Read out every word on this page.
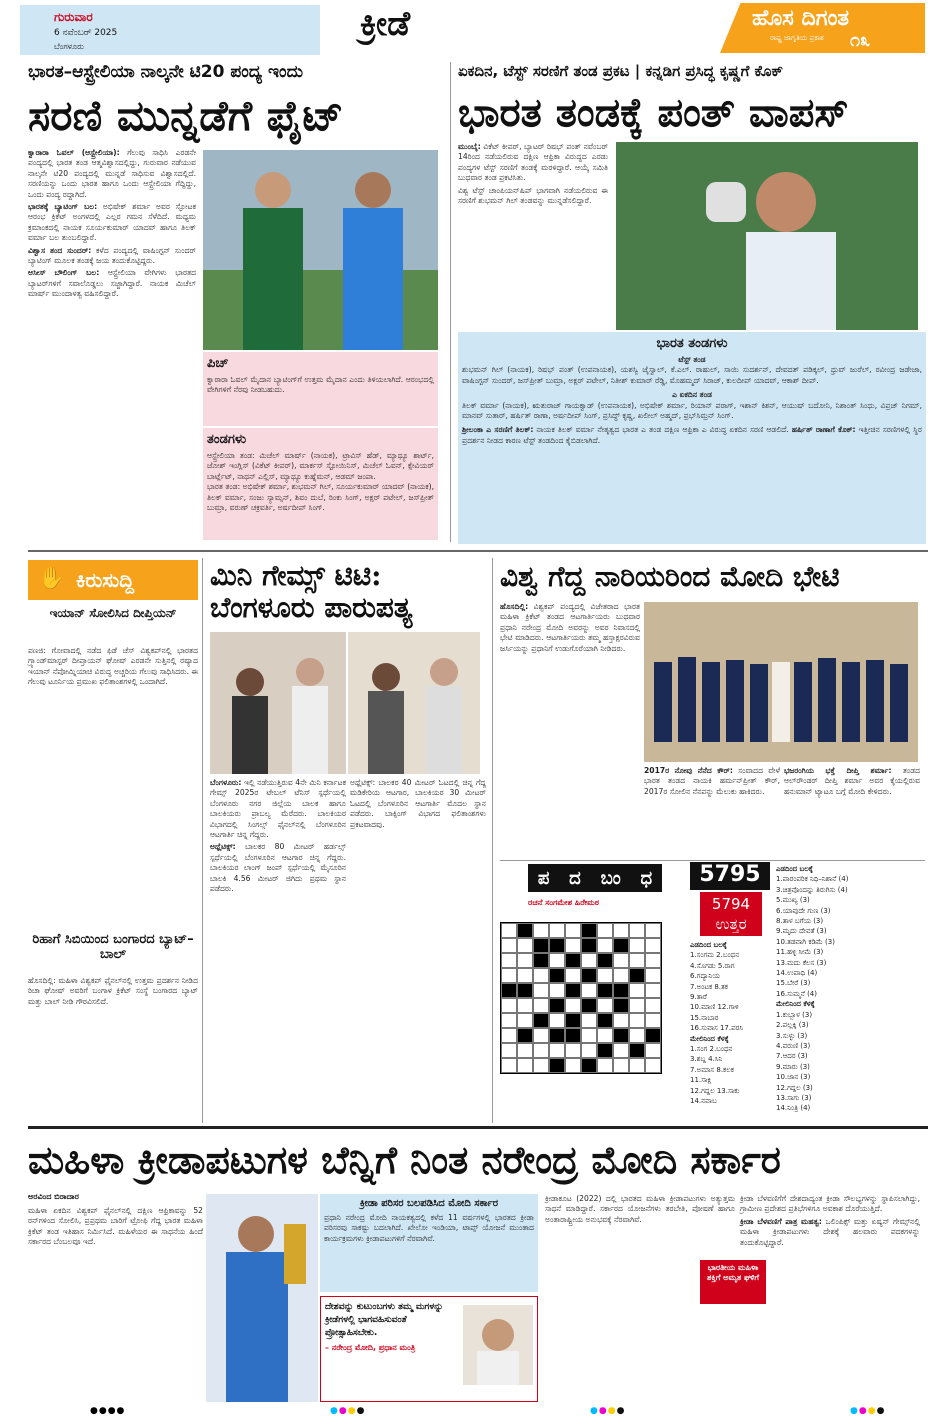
ಗುರುವಾರ
6 ನವೆಂಬರ್ 2025
ಬೆಂಗಳೂರು
ಕ್ರೀಡೆ	ಹೊಸ ದಿಗಂತ
ರಾಷ್ಟ್ರ ಜಾಗೃತಿಯ ಪ್ರಕಾಶ ೧೩
ಭಾರತ–ಆಸ್ಟ್ರೇಲಿಯಾ ನಾಲ್ಕನೇ ಟಿ20 ಪಂದ್ಯ ಇಂದು
ಸರಣಿ ಮುನ್ನಡೆಗೆ ಫೈಟ್

ಕ್ವಾರಾರಾ ಓವಲ್ (ಆಸ್ಟ್ರೇಲಿಯಾ): ಗೆಲುವು ಸಾಧಿಸಿ ಎರಡನೇ ಪಂದ್ಯದಲ್ಲಿ ಭಾರತ ತಂಡ ಆತ್ಮವಿಶ್ವಾಸದಲ್ಲಿದ್ದು, ಗುರುವಾರ ನಡೆಯುವ ನಾಲ್ಕನೇ ಟಿ20 ಪಂದ್ಯದಲ್ಲಿ ಮುನ್ನಡೆ ಸಾಧಿಸುವ ವಿಶ್ವಾಸದಲ್ಲಿದೆ. ಸರಣಿಯನ್ನು ಒಂದು ಭಾರತ ಹಾಗೂ ಒಂದು ಆಸ್ಟ್ರೇಲಿಯಾ ಗೆದ್ದಿದ್ದು, ಒಂದು ಪಂದ್ಯ ರದ್ದಾಗಿದೆ.

ಭಾರತಕ್ಕೆ ಬ್ಯಾಟಿಂಗ್ ಬಲ: ಅಭಿಷೇಕ್ ಶರ್ಮಾ ಅವರ ಸ್ಫೋಟಕ ಆರಂಭ ಕ್ರಿಕೆಟ್ ಅಂಗಳದಲ್ಲಿ ಎಲ್ಲರ ಗಮನ ಸೆಳೆದಿದೆ. ಮಧ್ಯಮ ಕ್ರಮಾಂಕದಲ್ಲಿ ನಾಯಕ ಸೂರ್ಯಕುಮಾರ್ ಯಾದವ್ ಹಾಗೂ ತಿಲಕ್ ವರ್ಮಾ ಬಲ ತುಂಬಲಿದ್ದಾರೆ.

ವಿಶ್ವಾಸ ತಂದ ಸುಂದರ್: ಕಳೆದ ಪಂದ್ಯದಲ್ಲಿ ವಾಷಿಂಗ್ಟನ್ ಸುಂದರ್ ಬ್ಯಾಟಿಂಗ್ ಮೂಲಕ ತಂಡಕ್ಕೆ ಜಯ ತಂದುಕೊಟ್ಟಿದ್ದರು.

ಆಸೀಸ್ ಬೌಲಿಂಗ್ ಬಲ: ಆಸ್ಟ್ರೇಲಿಯಾ ವೇಗಿಗಳು ಭಾರತದ ಬ್ಯಾಟರ್‌ಗಳಿಗೆ ಸವಾಲೊಡ್ಡಲು ಸಜ್ಜಾಗಿದ್ದಾರೆ. ನಾಯಕ ಮಿಚೆಲ್ ಮಾರ್ಷ್ ಮುಂದಾಳತ್ವ ವಹಿಸಲಿದ್ದಾರೆ.

ಪಿಚ್
ಕ್ವಾರಾರಾ ಓವಲ್ ಮೈದಾನ ಬ್ಯಾಟಿಂಗ್‌ಗೆ ಉತ್ತಮ ಮೈದಾನ ಎಂದು ತಿಳಿಯಲಾಗಿದೆ. ಆರಂಭದಲ್ಲಿ ವೇಗಿಗಳಿಗೆ ನೆರವು ನೀಡಬಹುದು.
ತಂಡಗಳು
ಆಸ್ಟ್ರೇಲಿಯಾ ತಂಡ: ಮಿಚೆಲ್ ಮಾರ್ಷ್ (ನಾಯಕ), ಟ್ರಾವಿಸ್ ಹೆಡ್, ಮ್ಯಾಥ್ಯೂ ಶಾರ್ಟ್, ಜೋಶ್ ಇಂಗ್ಲಿಸ್ (ವಿಕೆಟ್ ಕೀಪರ್), ಮಾರ್ಕಸ್ ಸ್ಟೋಯಿನಿಸ್, ಮಿಚೆಲ್ ಓವನ್, ಕ್ಸೇವಿಯರ್ ಬಾರ್ಟ್ಲೆಟ್, ನಾಥನ್ ಎಲ್ಲಿಸ್, ಮ್ಯಾಥ್ಯೂ ಕುಹ್ನೆಮನ್, ಆಡಮ್ ಜಂಪಾ.
ಭಾರತ ತಂಡ: ಅಭಿಷೇಕ್ ಶರ್ಮಾ, ಶುಭಮನ್ ಗಿಲ್, ಸೂರ್ಯಕುಮಾರ್ ಯಾದವ್ (ನಾಯಕ), ತಿಲಕ್ ವರ್ಮಾ, ಸಂಜು ಸ್ಯಾಮ್ಸನ್, ಶಿವಂ ದುಬೆ, ರಿಂಕು ಸಿಂಗ್, ಅಕ್ಷರ್ ಪಟೇಲ್, ಜಸ್‌ಪ್ರೀತ್ ಬುಮ್ರಾ, ವರುಣ್ ಚಕ್ರವರ್ತಿ, ಅರ್ಷದೀಪ್ ಸಿಂಗ್.
ಏಕದಿನ, ಟೆಸ್ಟ್ ಸರಣಿಗೆ ತಂಡ ಪ್ರಕಟ | ಕನ್ನಡಿಗ ಪ್ರಸಿದ್ಧ ಕೃಷ್ಣಗೆ ಕೊಕ್
ಭಾರತ ತಂಡಕ್ಕೆ ಪಂತ್ ವಾಪಸ್

ಮುಂಬೈ: ವಿಕೆಟ್ ಕೀಪರ್, ಬ್ಯಾಟರ್ ರಿಷಭ್ ಪಂತ್ ನವೆಂಬರ್ 14ರಿಂದ ನಡೆಯಲಿರುವ ದಕ್ಷಿಣ ಆಫ್ರಿಕಾ ವಿರುದ್ಧದ ಎರಡು ಪಂದ್ಯಗಳ ಟೆಸ್ಟ್ ಸರಣಿಗೆ ತಂಡಕ್ಕೆ ಮರಳಿದ್ದಾರೆ. ಆಯ್ಕೆ ಸಮಿತಿ ಬುಧವಾರ ತಂಡ ಪ್ರಕಟಿಸಿತು.

ವಿಶ್ವ ಟೆಸ್ಟ್ ಚಾಂಪಿಯನ್‌ಷಿಪ್ ಭಾಗವಾಗಿ ನಡೆಯಲಿರುವ ಈ ಸರಣಿಗೆ ಶುಭಮನ್ ಗಿಲ್ ತಂಡವನ್ನು ಮುನ್ನಡೆಸಲಿದ್ದಾರೆ.

ಭಾರತ ತಂಡಗಳು
ಟೆಸ್ಟ್ ತಂಡ
ಶುಭಮನ್ ಗಿಲ್ (ನಾಯಕ), ರಿಷಭ್ ಪಂತ್ (ಉಪನಾಯಕ), ಯಶಸ್ವಿ ಜೈಸ್ವಾಲ್, ಕೆ.ಎಲ್. ರಾಹುಲ್, ಸಾಯಿ ಸುದರ್ಶನ್, ದೇವದತ್ ಪಡಿಕ್ಕಲ್, ಧ್ರುವ್ ಜುರೆಲ್, ರವೀಂದ್ರ ಜಡೇಜಾ, ವಾಷಿಂಗ್ಟನ್ ಸುಂದರ್, ಜಸ್‌ಪ್ರೀತ್ ಬುಮ್ರಾ, ಅಕ್ಷರ್ ಪಟೇಲ್, ನಿತೀಶ್ ಕುಮಾರ್ ರೆಡ್ಡಿ, ಮೊಹಮ್ಮದ್ ಸಿರಾಜ್, ಕುಲದೀಪ್ ಯಾದವ್, ಆಕಾಶ್ ದೀಪ್.
ಎ ಏಕದಿನ ತಂಡ
ತಿಲಕ್ ವರ್ಮಾ (ನಾಯಕ), ಋತುರಾಜ್ ಗಾಯಕ್ವಾಡ್ (ಉಪನಾಯಕ), ಅಭಿಷೇಕ್ ಶರ್ಮಾ, ರಿಯಾನ್ ಪರಾಗ್, ಇಶಾನ್ ಕಿಶನ್, ಆಯುಷ್ ಬದೋನಿ, ನಿಶಾಂತ್ ಸಿಂಧು, ವಿಪ್ರಜ್ ನಿಗಮ್, ಮಾನವ್ ಸುತಾರ್, ಹರ್ಷಿತ್ ರಾಣಾ, ಅರ್ಷದೀಪ್ ಸಿಂಗ್, ಪ್ರಸಿದ್ಧ್ ಕೃಷ್ಣ, ಖಲೀಲ್ ಅಹ್ಮದ್, ಪ್ರಭ್‌ಸಿಮ್ರನ್ ಸಿಂಗ್.
ಶ್ರೀಲಂಕಾ ಎ ಸರಣಿಗೆ ತಿಲಕ್: ನಾಯಕ ತಿಲಕ್ ವರ್ಮಾ ನೇತೃತ್ವದ ಭಾರತ ಎ ತಂಡ ದಕ್ಷಿಣ ಆಫ್ರಿಕಾ ಎ ವಿರುದ್ಧ ಏಕದಿನ ಸರಣಿ ಆಡಲಿದೆ. ಹರ್ಷಿತ್ ರಾಣಾಗೆ ಕೊಕ್: ಇತ್ತೀಚಿನ ಸರಣಿಗಳಲ್ಲಿ ಸ್ಥಿರ ಪ್ರದರ್ಶನ ನೀಡದ ಕಾರಣ ಟೆಸ್ಟ್ ತಂಡದಿಂದ ಕೈಬಿಡಲಾಗಿದೆ.
ಕಿರುಸುದ್ದಿ
✋
ಇಯಾನ್ ಸೋಲಿಸಿದ ದೀಪ್ತಿಯನ್
ಪಣಜಿ: ಗೋವಾದಲ್ಲಿ ನಡೆದ ಫಿಡೆ ಚೆಸ್ ವಿಶ್ವಕಪ್‌ನಲ್ಲಿ ಭಾರತದ ಗ್ರ್ಯಾಂಡ್‌ಮಾಸ್ಟರ್ ದೀಪ್ತಾಯನ್ ಘೋಷ್ ಎರಡನೇ ಸುತ್ತಿನಲ್ಲಿ ರಷ್ಯಾದ ಇಯಾನ್ ನೆಪೋಮ್ನಿಯಾಚಿ ವಿರುದ್ಧ ಅಚ್ಚರಿಯ ಗೆಲುವು ಸಾಧಿಸಿದರು. ಈ ಗೆಲುವು ಟೂರ್ನಿಯ ಪ್ರಮುಖ ಫಲಿತಾಂಶಗಳಲ್ಲಿ ಒಂದಾಗಿದೆ.
ರಿಹಾಗೆ ಸಿಬಿಯಿಂದ ಬಂಗಾರದ ಬ್ಯಾಟ್–ಬಾಲ್
ಹೊಸದಿಲ್ಲಿ: ಮಹಿಳಾ ವಿಶ್ವಕಪ್ ಫೈನಲ್‌ನಲ್ಲಿ ಉತ್ತಮ ಪ್ರದರ್ಶನ ನೀಡಿದ ರಿಚಾ ಘೋಷ್ ಅವರಿಗೆ ಬಂಗಾಳ ಕ್ರಿಕೆಟ್ ಸಂಸ್ಥೆ ಬಂಗಾರದ ಬ್ಯಾಟ್ ಮತ್ತು ಬಾಲ್ ನೀಡಿ ಗೌರವಿಸಲಿದೆ.
ಮಿನಿ ಗೇಮ್ಸ್ ಟಿಟಿ: ಬೆಂಗಳೂರು ಪಾರುಪತ್ಯ

ಬೆಂಗಳೂರು: ಇಲ್ಲಿ ನಡೆಯುತ್ತಿರುವ 4ನೇ ಮಿನಿ ಕರ್ನಾಟಕ ಗೇಮ್ಸ್ 2025ರ ಟೇಬಲ್ ಟೆನಿಸ್ ಸ್ಪರ್ಧೆಯಲ್ಲಿ ಬೆಂಗಳೂರು ನಗರ ಜಿಲ್ಲೆಯ ಬಾಲಕ ಹಾಗೂ ಬಾಲಕಿಯರು ಪ್ರಾಬಲ್ಯ ಮೆರೆದರು. ಬಾಲಕಿಯರ ವಿಭಾಗದಲ್ಲಿ ಸಿಂಗಲ್ಸ್ ಫೈನಲ್‌ನಲ್ಲಿ ಬೆಂಗಳೂರಿನ ಆಟಗಾರ್ತಿ ಚಿನ್ನ ಗೆದ್ದರು.

ಅಥ್ಲೆಟಿಕ್ಸ್: ಬಾಲಕರ 80 ಮೀಟರ್ ಹರ್ಡಲ್ಸ್ ಸ್ಪರ್ಧೆಯಲ್ಲಿ ಬೆಂಗಳೂರಿನ ಆಟಗಾರ ಚಿನ್ನ ಗೆದ್ದರು. ಬಾಲಕಿಯರ ಲಾಂಗ್ ಜಂಪ್ ಸ್ಪರ್ಧೆಯಲ್ಲಿ ಮೈಸೂರಿನ ಬಾಲಕಿ 4.56 ಮೀಟರ್ ಜಿಗಿದು ಪ್ರಥಮ ಸ್ಥಾನ ಪಡೆದರು.

ಅಥ್ಲೆಟಿಕ್ಸ್: ಬಾಲಕರ 40 ಮೀಟರ್ ಓಟದಲ್ಲಿ ಚಿನ್ನ ಗೆದ್ದ ಮಡಿಕೇರಿಯ ಆಟಗಾರ, ಬಾಲಕಿಯರ 30 ಮೀಟರ್ ಓಟದಲ್ಲಿ ಬೆಂಗಳೂರಿನ ಆಟಗಾರ್ತಿ ಮೊದಲ ಸ್ಥಾನ ಪಡೆದರು. ಬಾಕ್ಸಿಂಗ್ ವಿಭಾಗದ ಫಲಿತಾಂಶಗಳು ಪ್ರಕಟವಾದವು.
ವಿಶ್ವ ಗೆದ್ದ ನಾರಿಯರಿಂದ ಮೋದಿ ಭೇಟಿ

ಹೊಸದಿಲ್ಲಿ: ವಿಶ್ವಕಪ್ ಪಂದ್ಯದಲ್ಲಿ ವಿಜೇತರಾದ ಭಾರತ ಮಹಿಳಾ ಕ್ರಿಕೆಟ್ ತಂಡದ ಆಟಗಾರ್ತಿಯರು ಬುಧವಾರ ಪ್ರಧಾನಿ ನರೇಂದ್ರ ಮೋದಿ ಅವರನ್ನು ಅವರ ನಿವಾಸದಲ್ಲಿ ಭೇಟಿ ಮಾಡಿದರು. ಆಟಗಾರ್ತಿಯರು ತಮ್ಮ ಹಸ್ತಾಕ್ಷರವಿರುವ ಜರ್ಸಿಯನ್ನು ಪ್ರಧಾನಿಗೆ ಉಡುಗೊರೆಯಾಗಿ ನೀಡಿದರು.

2017ರ ನೋವು ನೆನೆದ ಕೌರ್: ಸಂವಾದದ ವೇಳೆ ಭಾರತ ತಂಡದ ನಾಯಕಿ ಹರ್ಮನ್‌ಪ್ರೀತ್ ಕೌರ್, 2017ರ ಸೋಲಿನ ನೆನಪನ್ನು ಮೆಲುಕು ಹಾಕಿದರು.

ಭಜರಂಗಿಯ ಭಕ್ತೆ ದೀಪ್ತಿ ಶರ್ಮಾ: ತಂಡದ ಆಲ್‌ರೌಂಡರ್ ದೀಪ್ತಿ ಶರ್ಮಾ ಅವರ ಕೈಯಲ್ಲಿರುವ ಹನುಮಾನ್ ಟ್ಯಾಟೂ ಬಗ್ಗೆ ಮೋದಿ ಕೇಳಿದರು.

ಪ ದ ಬಂ ಧ
ರಚನೆ ಸಂಗಮೇಶ ಹಿರೇಮಠ
5795
5794
ಉತ್ತರ
ಎಡದಿಂದ ಬಲಕ್ಕೆ
1.ಸಂಗಮ 2.ಬಂಧನ
4.ಸೊಗಡು 5.ರಾಗ
6.ಗದ್ಯಾನಿಯ
7.ಅಂಟಕ 8.ತಕ
9.ತಾರೆ
10.ಮಾಣಿ 12.ಗಾಳಿ
15.ನಾಬಾರ
16.ಸುವಾಸ 17.ಪರಸಿ
ಮೇಲಿನಿಂದ ಕೆಳಕ್ಕೆ
1.ಸಂಗ 2.ಬಂಧನ
3.ಶಬ್ದ 4.ಸಿನಿ
7.ಅಮಾಸ 8.ಕಲಕ
11.ಸಾಕ್ಷಿ
12.ಗದ್ದಲ 13.ಸಾಕು
14.ನವಾಬ
ಎಡದಿಂದ ಬಲಕ್ಕೆ
1.ಪಾರಂಪರಿಕ ನಿಧಿ–ನಿಶಾನೆ (4)
3.ಚಿತ್ರವೊಂದನ್ನು ತಿರುಗಿಸು (4)
5.ಮುಖ್ಯ (3)
6.ಯಾವುದೇ ಗುಣ (3)
8.ತಾಳ ಬಗೆಯ (3)
9.ಮೃದು ದೇವತೆ (3)
10.ತಡವಾಗಿ ಕಡಿಮೆ (3)
11.ಹಳ್ಳಿ ಸೀಮೆ (3)
13.ಮದು ಕೆಲಸ (3)
14.ಉಪಾಧಿ (4)
15.ಬೇರೆ (3)
16.ಸುಮ್ಮನೆ (4)
ಮೇಲಿನಿಂದ ಕೆಳಕ್ಕೆ
1.ಕುಬ್ಬಾಳ (3)
2.ಪಲ್ಲಕ್ಕಿ (3)
3.ಸುಳ್ಳು (3)
4.ವರುಣಿ (3)
7.ಆದರ (3)
9.ಮಾರು (3)
10.ಜಾನ (3)
12.ಗದ್ದಲ (3)
13.ಸಾಗು (3)
14.ನಿಂತ್ರಿ (4)
ಮಹಿಳಾ ಕ್ರೀಡಾಪಟುಗಳ ಬೆನ್ನಿಗೆ ನಿಂತ ನರೇಂದ್ರ ಮೋದಿ ಸರ್ಕಾರ
ಅರವಿಂದ ಬಿರಾದಾರ
ಮಹಿಳಾ ಏಕದಿನ ವಿಶ್ವಕಪ್ ಫೈನಲ್‌ನಲ್ಲಿ ದಕ್ಷಿಣ ಆಫ್ರಿಕಾವನ್ನು 52 ರನ್‌ಗಳಿಂದ ಸೋಲಿಸಿ, ಪ್ರಪ್ರಥಮ ಬಾರಿಗೆ ಟ್ರೋಫಿ ಗೆದ್ದ ಭಾರತ ಮಹಿಳಾ ಕ್ರಿಕೆಟ್ ತಂಡ ಇತಿಹಾಸ ನಿರ್ಮಿಸಿದೆ. ಮಹಿಳೆಯರ ಈ ಸಾಧನೆಯ ಹಿಂದೆ ಸರ್ಕಾರದ ಬೆಂಬಲವೂ ಇದೆ.
ಕ್ರೀಡಾ ಪರಿಸರ ಬಲಪಡಿಸಿದ ಮೋದಿ ಸರ್ಕಾರ
ಪ್ರಧಾನಿ ನರೇಂದ್ರ ಮೋದಿ ನಾಯಕತ್ವದಲ್ಲಿ ಕಳೆದ 11 ವರ್ಷಗಳಲ್ಲಿ ಭಾರತದ ಕ್ರೀಡಾ ಪರಿಸರವು ಸಾಕಷ್ಟು ಬದಲಾಗಿದೆ. ಖೇಲೋ ಇಂಡಿಯಾ, ಟಾಪ್ಸ್ ಯೋಜನೆ ಮುಂತಾದ ಕಾರ್ಯಕ್ರಮಗಳು ಕ್ರೀಡಾಪಟುಗಳಿಗೆ ನೆರವಾಗಿವೆ.
ದೇಶವನ್ನು ಕುಟುಂಬಗಳು ತಮ್ಮ ಮಗಳನ್ನು ಕ್ರೀಡೆಗಳಲ್ಲಿ ಭಾಗವಹಿಸುವಂತೆ ಪ್ರೋತ್ಸಾಹಿಸಬೇಕು.
– ನರೇಂದ್ರ ಮೋದಿ, ಪ್ರಧಾನ ಮಂತ್ರಿ

ಕ್ರೀಡಾಕೂಟ (2022) ದಲ್ಲಿ ಭಾರತದ ಮಹಿಳಾ ಕ್ರೀಡಾಪಟುಗಳು ಅತ್ಯುತ್ತಮ ಸಾಧನೆ ಮಾಡಿದ್ದಾರೆ. ಸರ್ಕಾರದ ಯೋಜನೆಗಳು ತರಬೇತಿ, ಪೋಷಣೆ ಹಾಗೂ ಅಂತಾರಾಷ್ಟ್ರೀಯ ಅನುಭವಕ್ಕೆ ನೆರವಾಗಿವೆ.

ಭಾರತೀಯ ಮಹಿಳಾ ಶಕ್ತಿಗೆ ಅಮೃತ ಘಳಿಗೆ

ಕ್ರೀಡಾ ಬೆಳವಣಿಗೆಗೆ ದೇಶದಾದ್ಯಂತ ಕ್ರೀಡಾ ಸೌಲಭ್ಯಗಳನ್ನು ಸ್ಥಾಪಿಸಲಾಗಿದ್ದು, ಗ್ರಾಮೀಣ ಪ್ರದೇಶದ ಪ್ರತಿಭೆಗಳಿಗೂ ಅವಕಾಶ ದೊರೆಯುತ್ತಿದೆ.

ಕ್ರೀಡಾ ಬೆಳವಣಿಗೆ ಪಾತ್ರ ಮಹತ್ವ: ಒಲಿಂಪಿಕ್ಸ್ ಮತ್ತು ಏಷ್ಯನ್ ಗೇಮ್ಸ್‌ನಲ್ಲಿ ಮಹಿಳಾ ಕ್ರೀಡಾಪಟುಗಳು ದೇಶಕ್ಕೆ ಹಲವಾರು ಪದಕಗಳನ್ನು ತಂದುಕೊಟ್ಟಿದ್ದಾರೆ.

●●●●	●●●●	●●●●	●●●●
